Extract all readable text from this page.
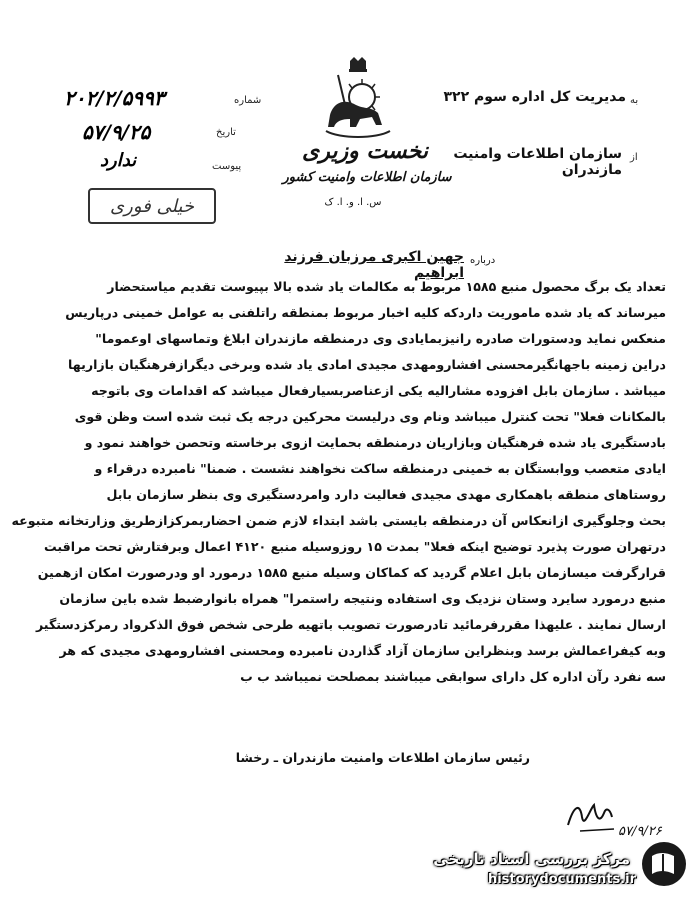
نخست وزیری
سازمان اطلاعات وامنیت کشور
س. ا. و. ا. ک
۲۰۲/۲/۵۹۹۳	شماره
۵۷/۹/۲۵	تاریخ
ندارد	پیوست
خیلی فوری
به
مدیریت کل اداره سوم ۳۲۲
از
سازمان اطلاعات وامنیت مازندران
درباره
جهین اکبری مرزبان فرزند ابراهیم
تعداد یک برگ محصول منبع ۱۵۸۵ مربوط به مکالمات یاد شده بالا بپیوست تقدیم میاستحضار
میرساند که یاد شده ماموریت داردکه کلیه اخبار مربوط بمنطقه راتلفنی به عوامل خمینی درپاریس
منعکس نماید ودستورات صادره رانیزبمایادی وی درمنطقه مازندران ابلاغ وتماسهای اوعموما"
دراین زمینه باجهانگیرمحسنی افشارومهدی مجیدی امادی یاد شده وبرخی دیگرازفرهنگیان بازاریها
میباشد . سازمان بابل افزوده مشارالیه یکی ازعناصربسیارفعال میباشد که اقدامات وی باتوجه
بالمکانات فعلا" تحت کنترل میباشد ونام وی درلیست محرکین درجه یک ثبت شده است وظن قوی
بادستگیری یاد شده فرهنگیان وبازاریان درمنطقه بحمایت ازوی برخاسته وتحصن خواهند نمود و
ایادی متعصب ووابستگان به خمینی درمنطقه ساکت نخواهند نشست . ضمنا" نامبرده درقراء و
روستاهای منطقه باهمکاری مهدی مجیدی فعالیت دارد وامردستگیری وی بنظر سازمان بابل
بحث وجلوگیری ازانعکاس آن درمنطقه بایستی باشد ابتداء لازم ضمن احضاربمرکزازطریق وزارتخانه متبوعه
درتهران صورت پذیرد توضیح اینکه فعلا" بمدت ۱۵ روزوسیله منبع ۴۱۲۰ اعمال وبرفتارش تحت مراقبت
قرارگرفت میسازمان بابل اعلام گردید که کماکان وسیله منبع ۱۵۸۵ درمورد او ودرصورت امکان ازهمین
منبع درمورد سایرد وستان نزدیک وی استفاده ونتیجه راستمرا" همراه بانوارضبط شده باین سازمان
ارسال نمایند . علیهذا مقررفرمائید تادرصورت تصویب باتهیه طرحی شخص فوق الذکرواد رمرکزدستگیر
وبه کیفراعمالش برسد وبنظراین سازمان آزاد گذاردن نامبرده ومحسنی افشارومهدی مجیدی که هر
سه نفرد رآن اداره کل دارای سوابقی میباشند بمصلحت نمیباشد ب ب
رئیس سازمان اطلاعات وامنیت مازندران ـ رخشا
۵۷/۹/۲۶
مرکز بررسی اسناد تاریخی
historydocuments.ir
